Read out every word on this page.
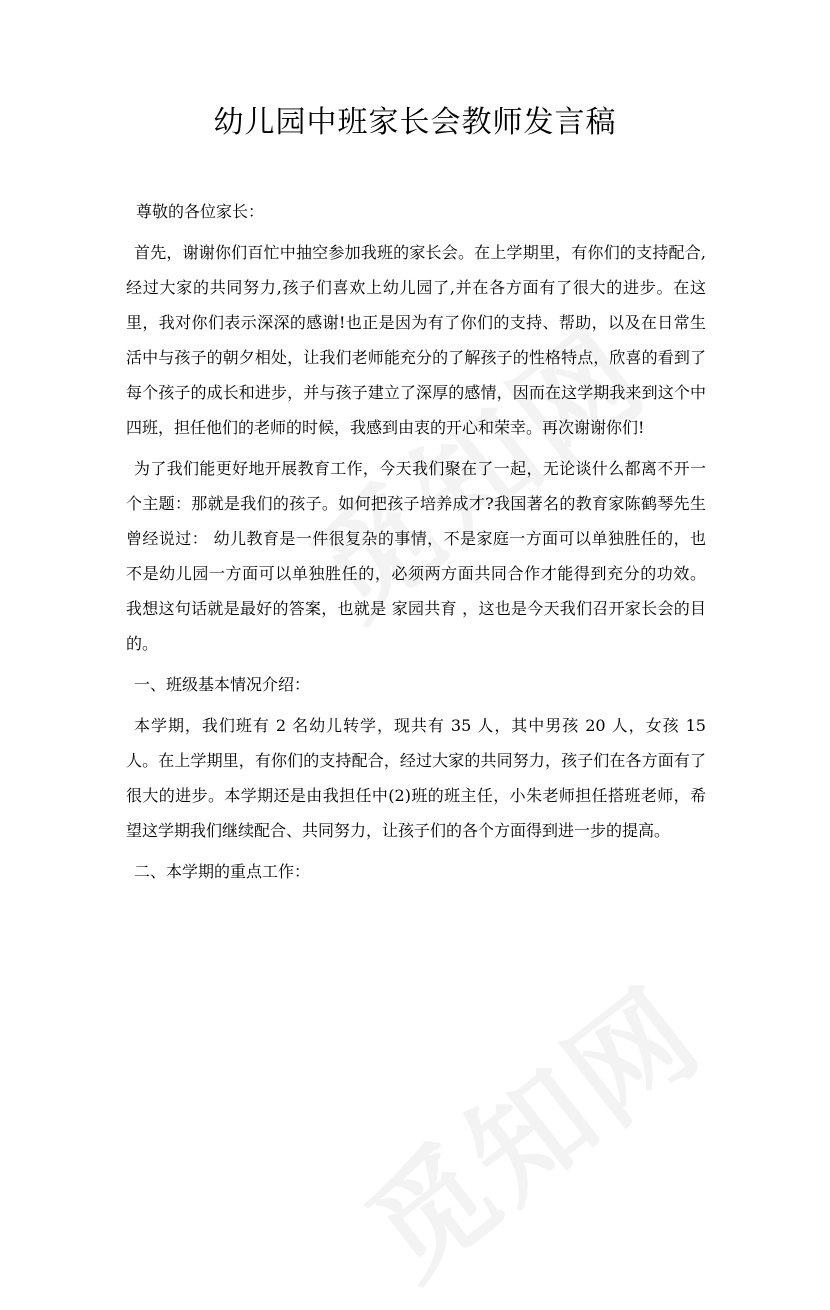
幼儿园中班家长会教师发言稿

尊敬的各位家长：

首先，谢谢你们百忙中抽空参加我班的家长会。在上学期里，有你们的支持配合,经过大家的共同努力,孩子们喜欢上幼儿园了,并在各方面有了很大的进步。在这里，我对你们表示深深的感谢!也正是因为有了你们的支持、帮助，以及在日常生活中与孩子的朝夕相处，让我们老师能充分的了解孩子的性格特点，欣喜的看到了每个孩子的成长和进步，并与孩子建立了深厚的感情，因而在这学期我来到这个中四班，担任他们的老师的时候，我感到由衷的开心和荣幸。再次谢谢你们!

为了我们能更好地开展教育工作，今天我们聚在了一起，无论谈什么都离不开一个主题：那就是我们的孩子。如何把孩子培养成才?我国著名的教育家陈鹤琴先生曾经说过： 幼儿教育是一件很复杂的事情，不是家庭一方面可以单独胜任的，也不是幼儿园一方面可以单独胜任的，必须两方面共同合作才能得到充分的功效。 我想这句话就是最好的答案，也就是 家园共育 ，这也是今天我们召开家长会的目的。

一、班级基本情况介绍：

本学期，我们班有 2 名幼儿转学，现共有 35 人，其中男孩 20 人，女孩 15 人。在上学期里，有你们的支持配合，经过大家的共同努力，孩子们在各方面有了很大的进步。本学期还是由我担任中(2)班的班主任，小朱老师担任搭班老师，希望这学期我们继续配合、共同努力，让孩子们的各个方面得到进一步的提高。

二、本学期的重点工作：
